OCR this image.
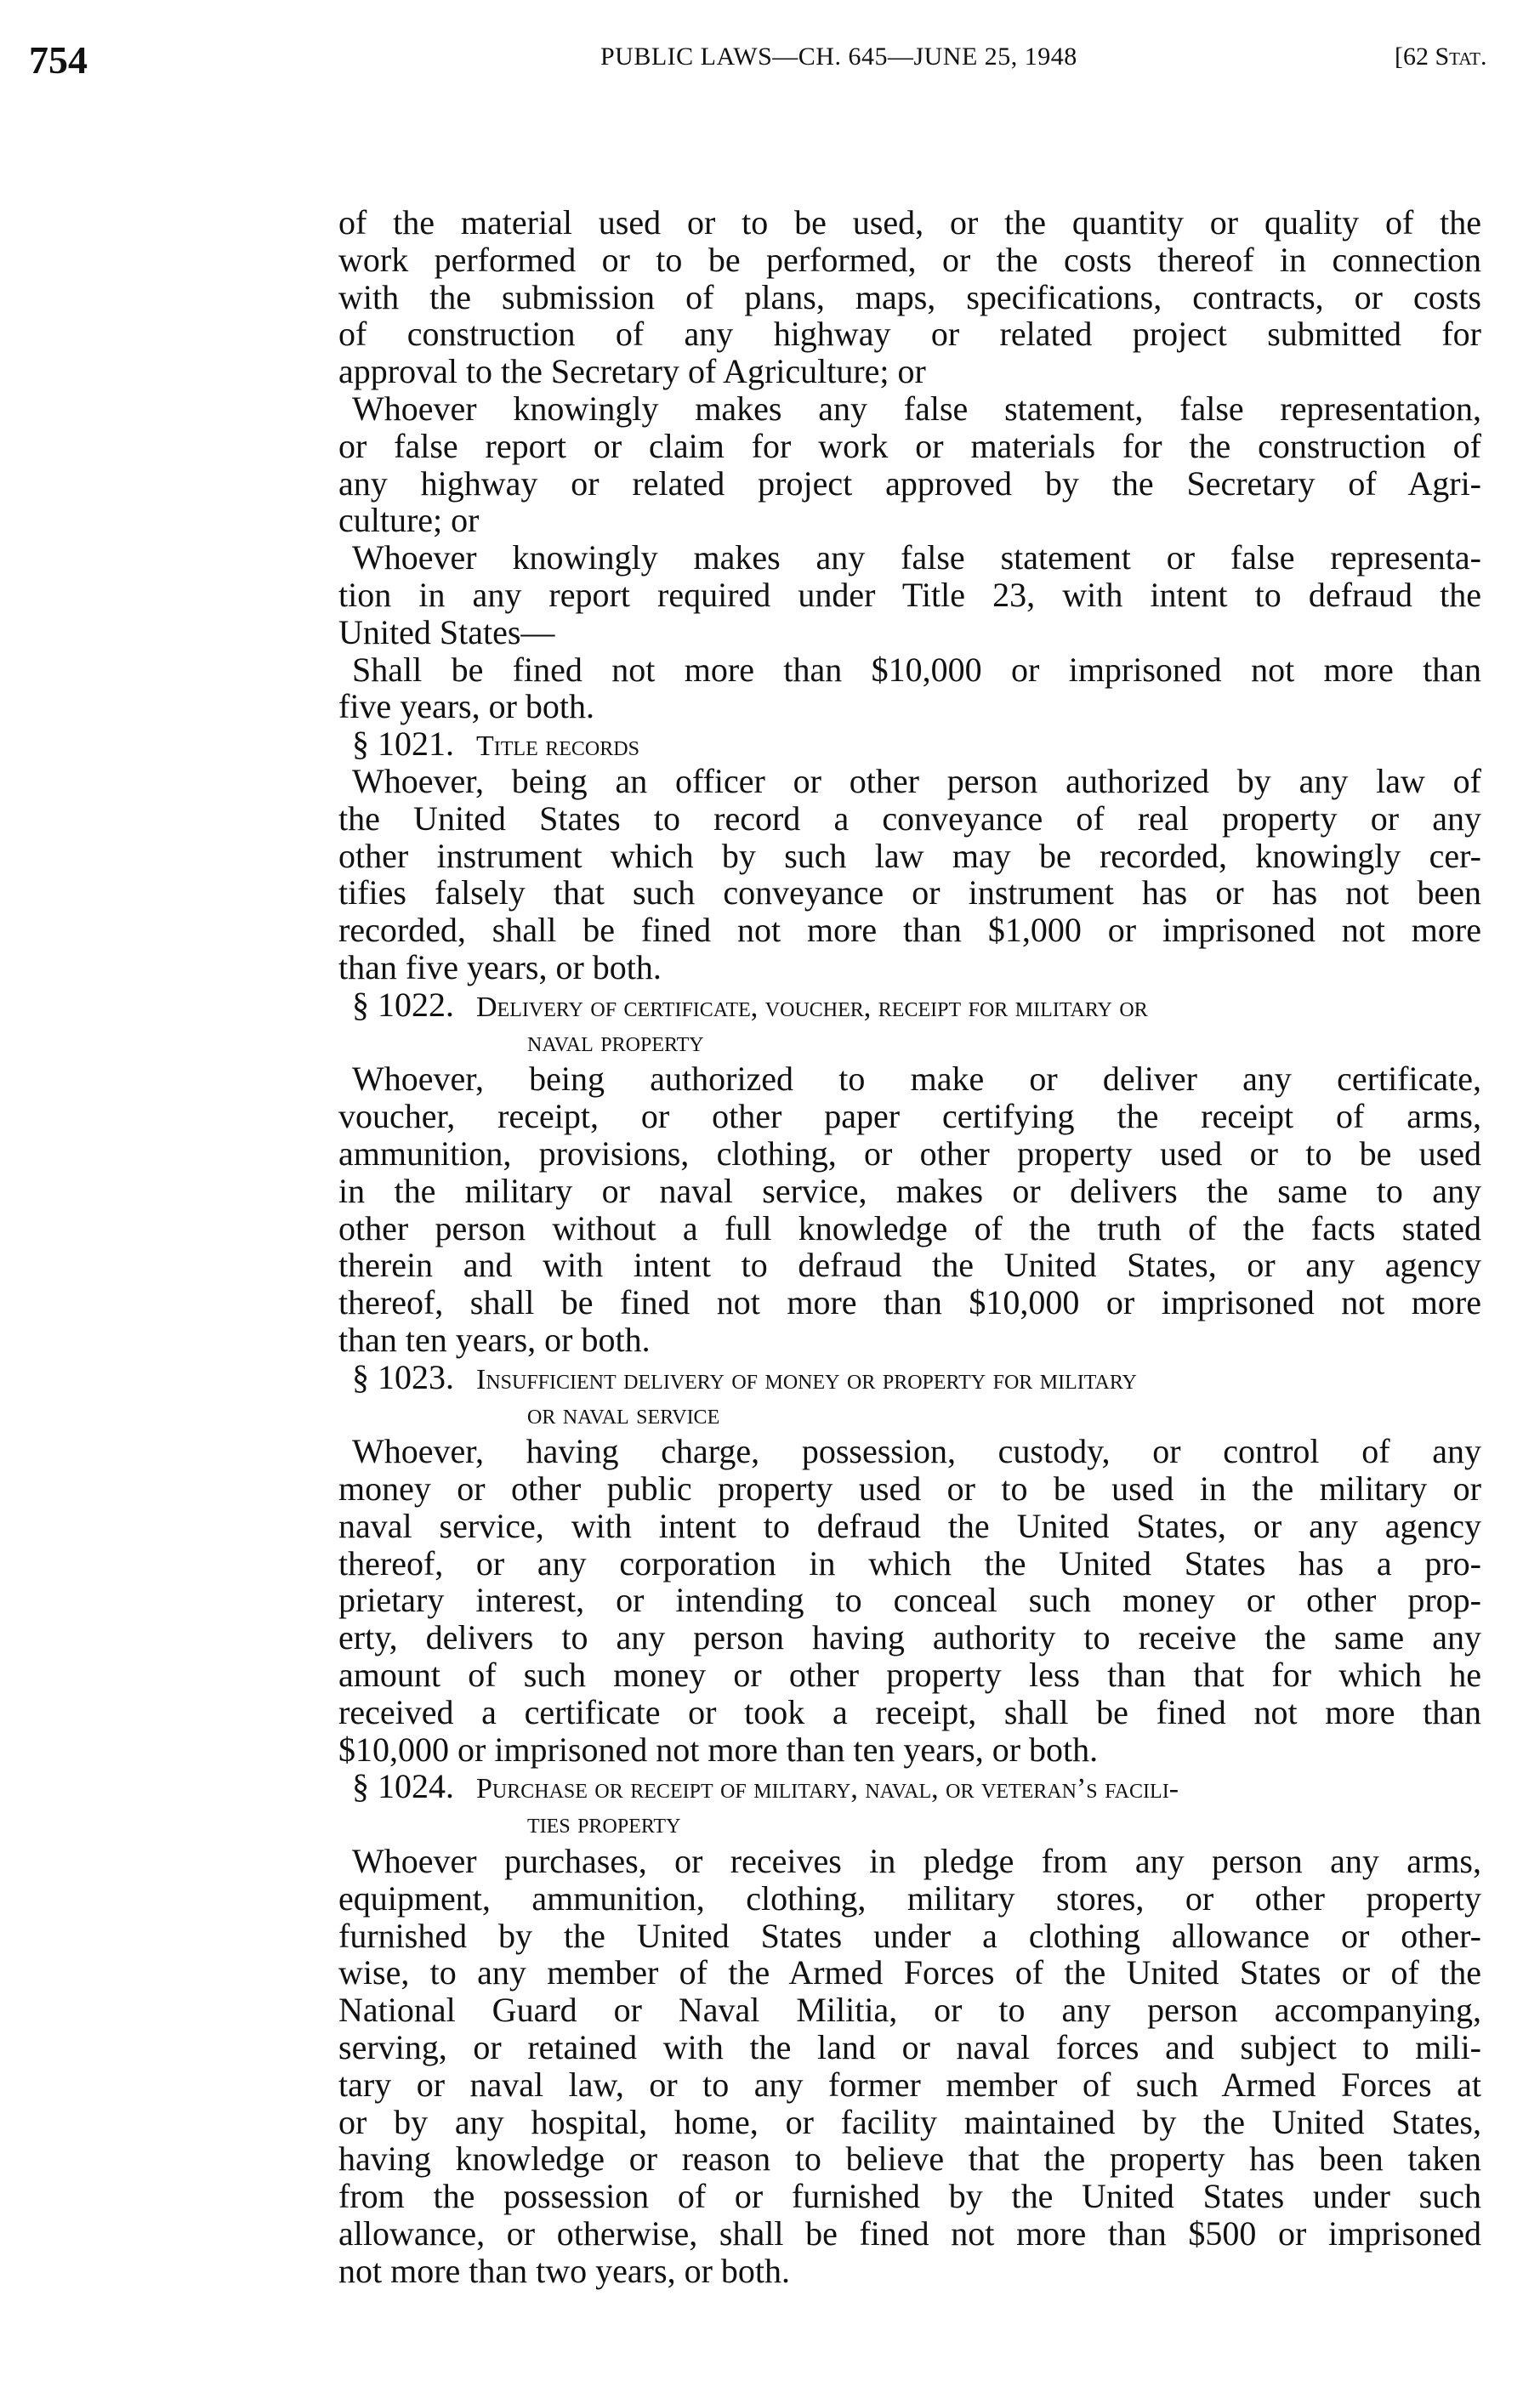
754	PUBLIC LAWS—CH. 645—JUNE 25, 1948	[62 Stat.
of the material used or to be used, or the quantity or quality of the
work performed or to be performed, or the costs thereof in connection
with the submission of plans, maps, specifications, contracts, or costs
of construction of any highway or related project submitted for
approval to the Secretary of Agriculture; or
Whoever knowingly makes any false statement, false representation,
or false report or claim for work or materials for the construction of
any highway or related project approved by the Secretary of Agri-
culture; or
Whoever knowingly makes any false statement or false representa-
tion in any report required under Title 23, with intent to defraud the
United States—
Shall be fined not more than $10,000 or imprisoned not more than
five years, or both.
§ 1021. Title records
Whoever, being an officer or other person authorized by any law of
the United States to record a conveyance of real property or any
other instrument which by such law may be recorded, knowingly cer-
tifies falsely that such conveyance or instrument has or has not been
recorded, shall be fined not more than $1,000 or imprisoned not more
than five years, or both.
§ 1022. Delivery of certificate, voucher, receipt for military or
naval property
Whoever, being authorized to make or deliver any certificate,
voucher, receipt, or other paper certifying the receipt of arms,
ammunition, provisions, clothing, or other property used or to be used
in the military or naval service, makes or delivers the same to any
other person without a full knowledge of the truth of the facts stated
therein and with intent to defraud the United States, or any agency
thereof, shall be fined not more than $10,000 or imprisoned not more
than ten years, or both.
§ 1023. Insufficient delivery of money or property for military
or naval service
Whoever, having charge, possession, custody, or control of any
money or other public property used or to be used in the military or
naval service, with intent to defraud the United States, or any agency
thereof, or any corporation in which the United States has a pro-
prietary interest, or intending to conceal such money or other prop-
erty, delivers to any person having authority to receive the same any
amount of such money or other property less than that for which he
received a certificate or took a receipt, shall be fined not more than
$10,000 or imprisoned not more than ten years, or both.
§ 1024. Purchase or receipt of military, naval, or veteran’s facili-
ties property
Whoever purchases, or receives in pledge from any person any arms,
equipment, ammunition, clothing, military stores, or other property
furnished by the United States under a clothing allowance or other-
wise, to any member of the Armed Forces of the United States or of the
National Guard or Naval Militia, or to any person accompanying,
serving, or retained with the land or naval forces and subject to mili-
tary or naval law, or to any former member of such Armed Forces at
or by any hospital, home, or facility maintained by the United States,
having knowledge or reason to believe that the property has been taken
from the possession of or furnished by the United States under such
allowance, or otherwise, shall be fined not more than $500 or imprisoned
not more than two years, or both.
